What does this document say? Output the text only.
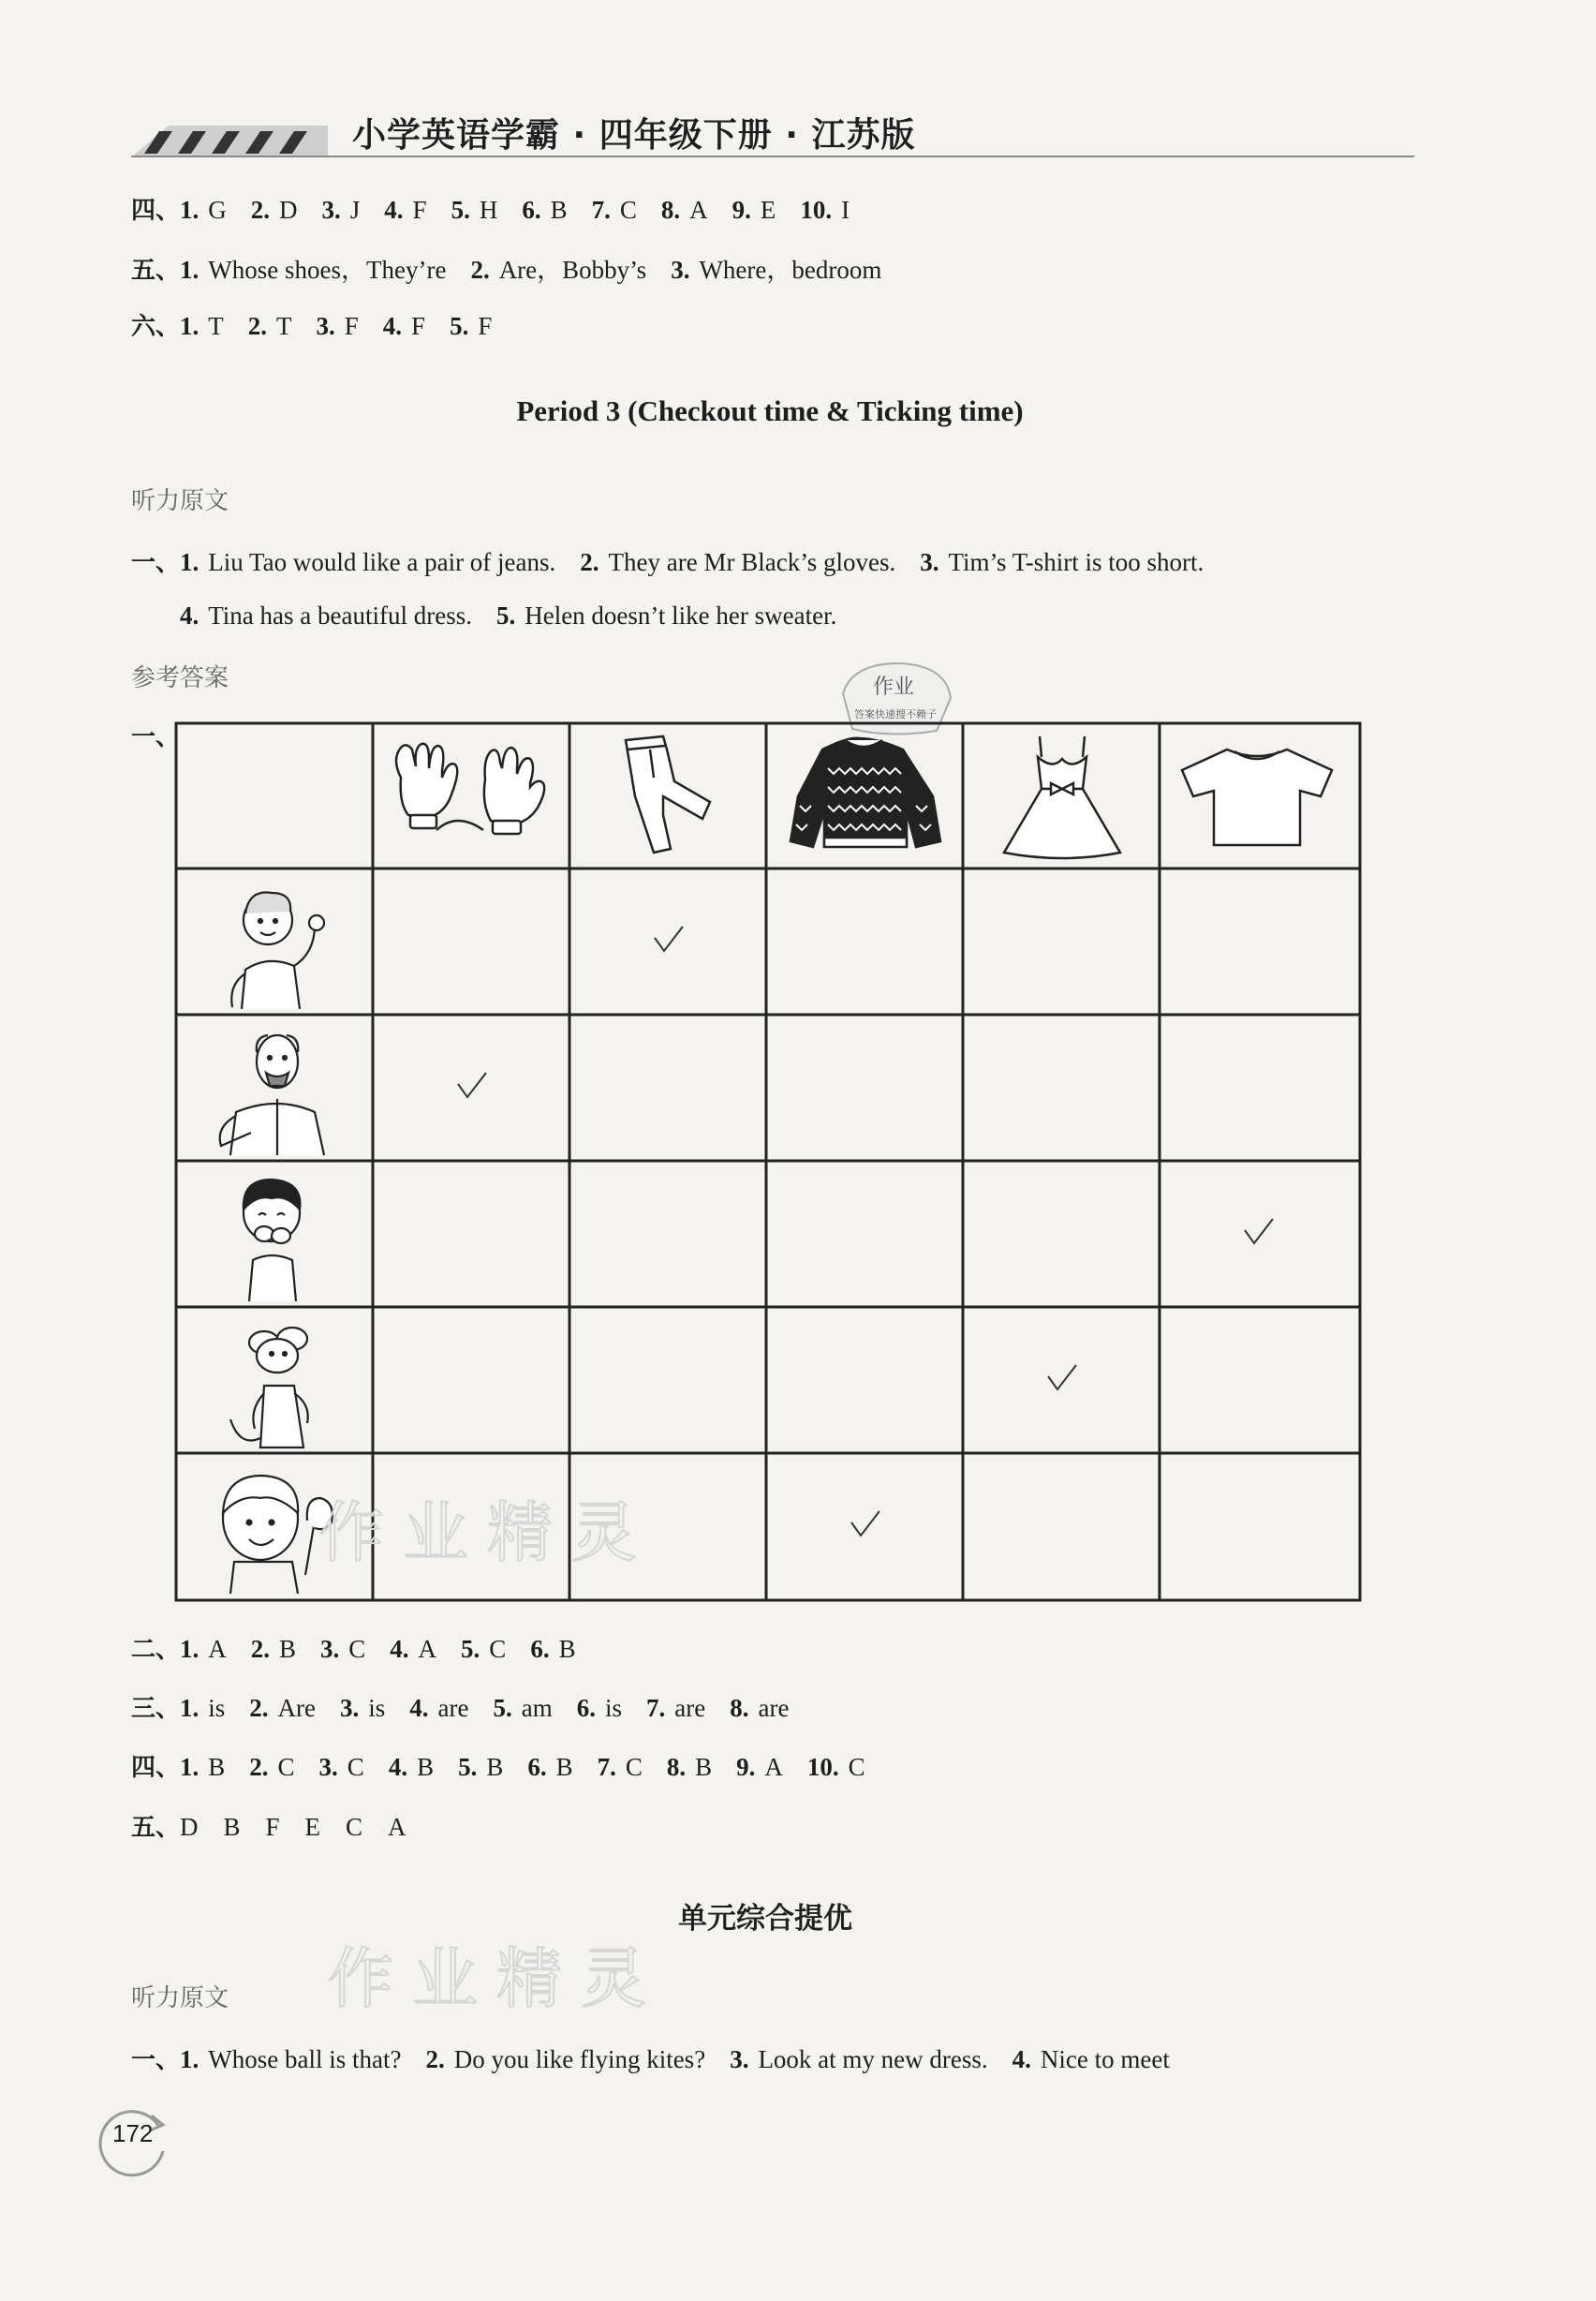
小学英语学霸 · 四年级下册 · 江苏版
四、1. G 2. D 3. J 4. F 5. H 6. B 7. C 8. A 9. E 10. I
五、1. Whose shoes，They’re 2. Are，Bobby’s 3. Where，bedroom
六、1. T 2. T 3. F 4. F 5. F
Period 3 (Checkout time & Ticking time)
听力原文
一、1. Liu Tao would like a pair of jeans. 2. They are Mr Black’s gloves. 3. Tim’s T-shirt is too short.
4. Tina has a beautiful dress. 5. Helen doesn’t like her sweater.
参考答案	作业
答案快速搜不赖子
一、
作业精灵
作业精灵
二、1. A 2. B 3. C 4. A 5. C 6. B
三、1. is 2. Are 3. is 4. are 5. am 6. is 7. are 8. are
四、1. B 2. C 3. C 4. B 5. B 6. B 7. C 8. B 9. A 10. C
五、D　B　F　E　C　A
单元综合提优
听力原文
一、1. Whose ball is that? 2. Do you like flying kites? 3. Look at my new dress. 4. Nice to meet
172
